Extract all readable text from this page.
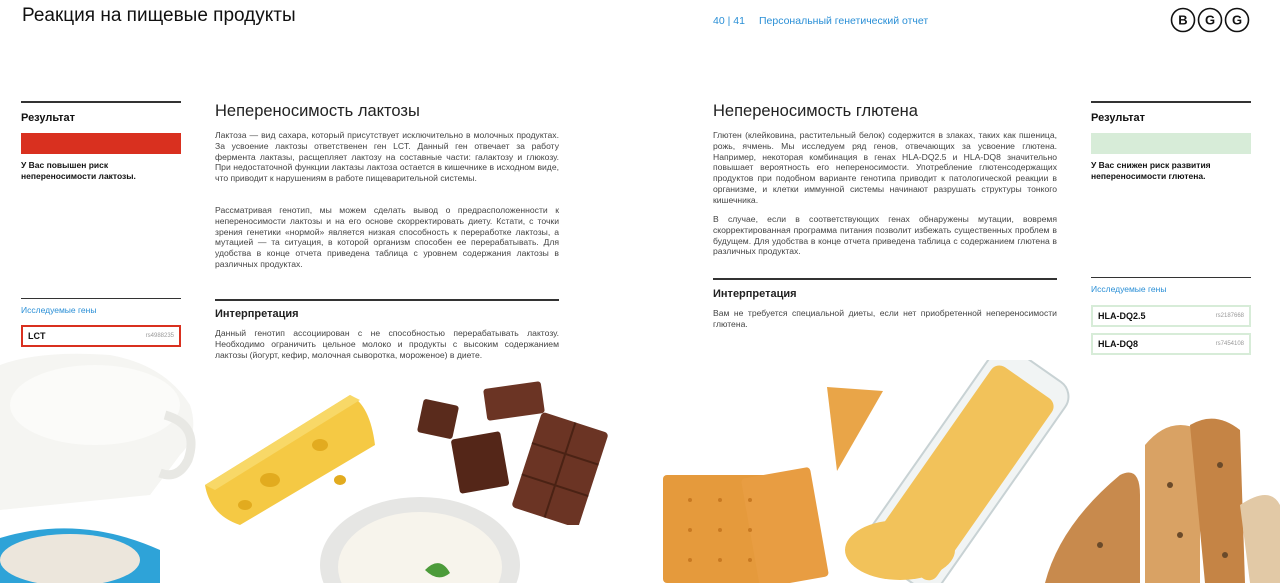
Реакция на пищевые продукты	40 | 41 Персональный генетический отчет	B G G
Результат
У Вас повышен риск непереносимости лактозы.
Исследуемые гены
LCT	rs4988235
Непереносимость лактозы
Лактоза — вид сахара, который присутствует исключительно в молочных продуктах. За усвоение лактозы ответственен ген LCT. Данный ген отвечает за работу фермента лактазы, расщепляет лактозу на составные части: галактозу и глюкозу. При недостаточной функции лактазы лактоза остается в кишечнике в исходном виде, что приводит к нарушениям в работе пищеварительной системы.
Рассматривая генотип, мы можем сделать вывод о предрасположенности к непереносимости лактозы и на его основе скорректировать диету. Кстати, с точки зрения генетики «нормой» является низкая способность к переработке лактозы, а мутацией — та ситуация, в которой организм способен ее перерабатывать. Для удобства в конце отчета приведена таблица с уровнем содержания лактозы в различных продуктах.
Интерпретация
Данный генотип ассоциирован с не способностью перерабатывать лактозу. Необходимо ограничить цельное молоко и продукты с высоким содержанием лактозы (йогурт, кефир, молочная сыворотка, мороженое) в диете.
Непереносимость глютена
Глютен (клейковина, растительный белок) содержится в злаках, таких как пшеница, рожь, ячмень. Мы исследуем ряд генов, отвечающих за усвоение глютена. Например, некоторая комбинация в генах HLA-DQ2.5 и HLA-DQ8 значительно повышает вероятность его непереносимости. Употребление глютенсодержащих продуктов при подобном варианте генотипа приводит к патологической реакции в организме, и клетки иммунной системы начинают разрушать структуры тонкого кишечника.
В случае, если в соответствующих генах обнаружены мутации, вовремя скорректированная программа питания позволит избежать существенных проблем в будущем. Для удобства в конце отчета приведена таблица с содержанием глютена в различных продуктах.
Интерпретация
Вам не требуется специальной диеты, если нет приобретенной непереносимости глютена.
Результат
У Вас снижен риск развития непереносимости глютена.
Исследуемые гены
HLA-DQ2.5	rs2187668
HLA-DQ8	rs7454108
